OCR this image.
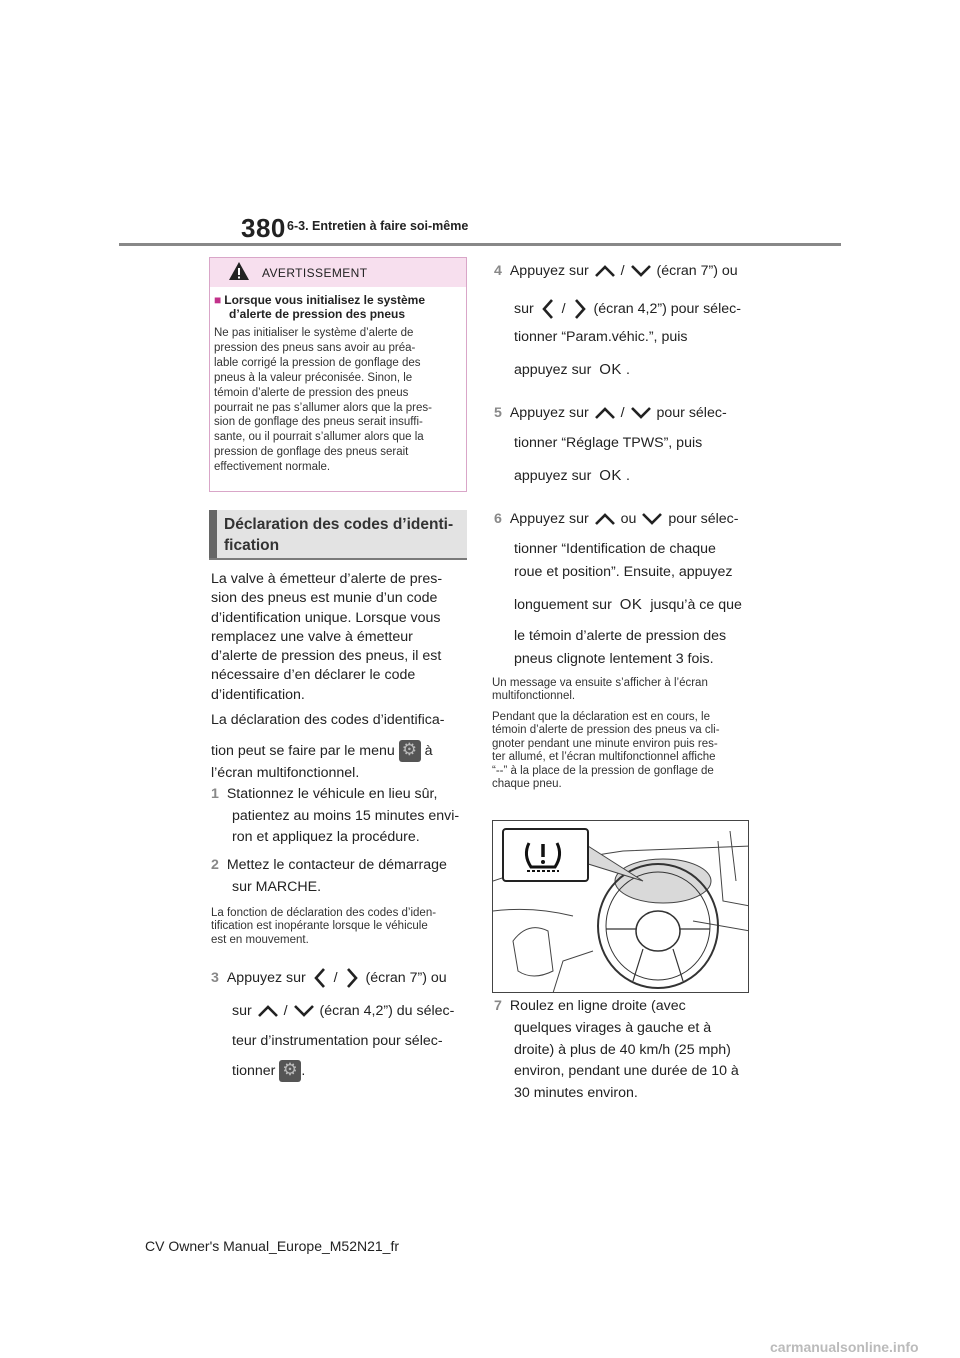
380 6-3. Entretien à faire soi-même
AVERTISSEMENT
■ Lorsque vous initialisez le système
d’alerte de pression des pneus
Ne pas initialiser le système d’alerte de
pression des pneus sans avoir au préa-
lable corrigé la pression de gonflage des
pneus à la valeur préconisée. Sinon, le
témoin d’alerte de pression des pneus
pourrait ne pas s’allumer alors que la pres-
sion de gonflage des pneus serait insuffi-
sante, ou il pourrait s’allumer alors que la
pression de gonflage des pneus serait
effectivement normale.
Déclaration des codes d’identi-
fication
La valve à émetteur d’alerte de pres-
sion des pneus est munie d’un code
d’identification unique. Lorsque vous
remplacez une valve à émetteur
d’alerte de pression des pneus, il est
nécessaire d’en déclarer le code
d’identification.
La déclaration des codes d’identifica-
tion peut se faire par le menu ⚙ à
l’écran multifonctionnel.
1 Stationnez le véhicule en lieu sûr,
patientez au moins 15 minutes envi-
ron et appliquez la procédure.
2 Mettez le contacteur de démarrage
sur MARCHE.
La fonction de déclaration des codes d’iden-
tification est inopérante lorsque le véhicule
est en mouvement.
3 Appuyez sur / (écran 7”) ou
sur / (écran 4,2”) du sélec-
teur d’instrumentation pour sélec-
tionner ⚙ .
4 Appuyez sur / (écran 7”) ou
sur / (écran 4,2”) pour sélec-
tionner “Param.véhic.”, puis
appuyez sur OK .
5 Appuyez sur / pour sélec-
tionner “Réglage TPWS”, puis
appuyez sur OK .
6 Appuyez sur ou pour sélec-
tionner “Identification de chaque
roue et position”. Ensuite, appuyez
longuement sur OK jusqu’à ce que
le témoin d’alerte de pression des
pneus clignote lentement 3 fois.
Un message va ensuite s’afficher à l’écran
multifonctionnel.
Pendant que la déclaration est en cours, le
témoin d’alerte de pression des pneus va cli-
gnoter pendant une minute environ puis res-
ter allumé, et l’écran multifonctionnel affiche
“--” à la place de la pression de gonflage de
chaque pneu.
7 Roulez en ligne droite (avec
quelques virages à gauche et à
droite) à plus de 40 km/h (25 mph)
environ, pendant une durée de 10 à
30 minutes environ.
CV Owner's Manual_Europe_M52N21_fr
carmanualsonline.info
